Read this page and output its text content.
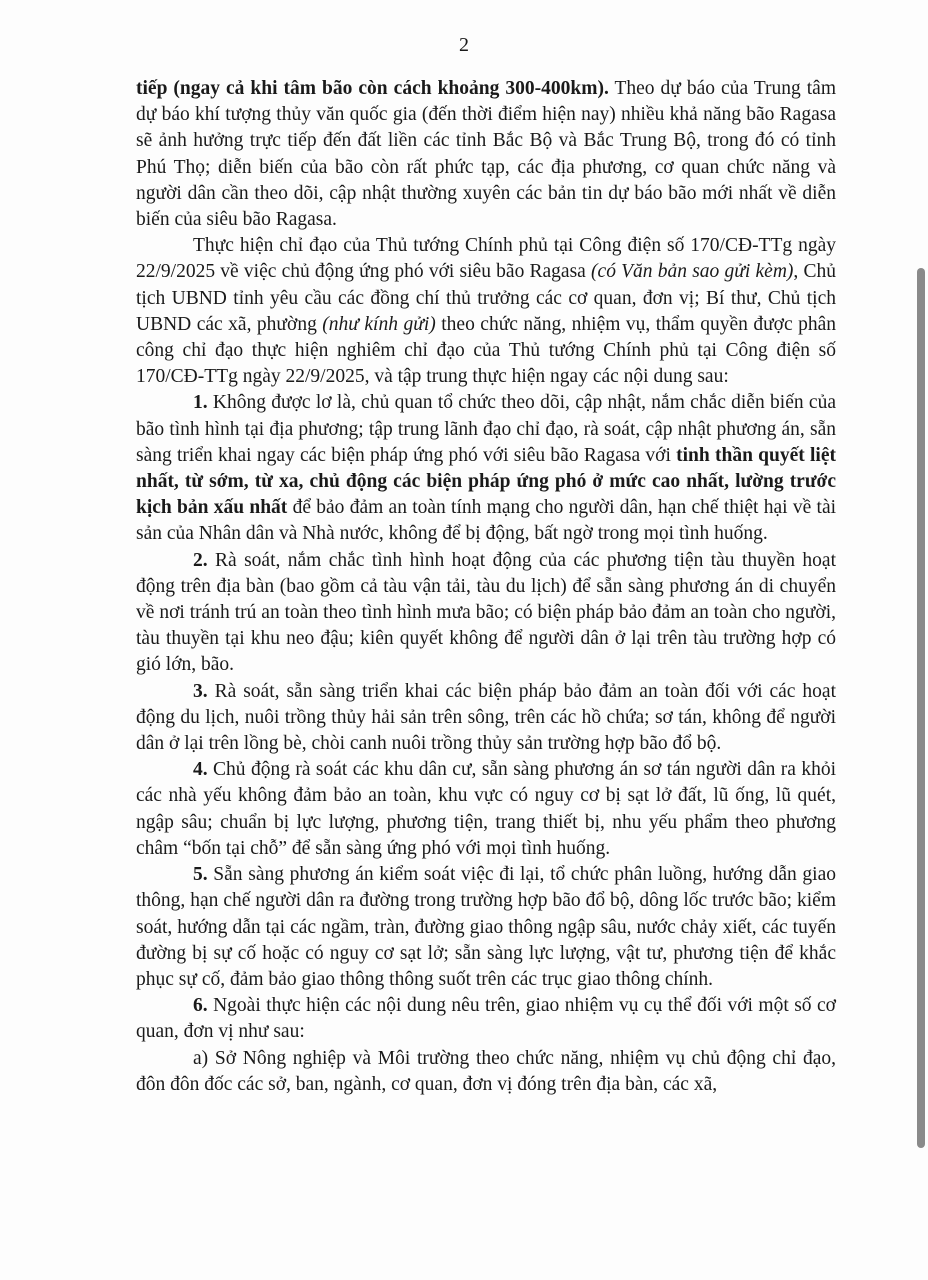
2

tiếp (ngay cả khi tâm bão còn cách khoảng 300-400km). Theo dự báo của Trung tâm dự báo khí tượng thủy văn quốc gia (đến thời điểm hiện nay) nhiều khả năng bão Ragasa sẽ ảnh hưởng trực tiếp đến đất liền các tỉnh Bắc Bộ và Bắc Trung Bộ, trong đó có tỉnh Phú Thọ; diễn biến của bão còn rất phức tạp, các địa phương, cơ quan chức năng và người dân cần theo dõi, cập nhật thường xuyên các bản tin dự báo bão mới nhất về diễn biến của siêu bão Ragasa.

Thực hiện chỉ đạo của Thủ tướng Chính phủ tại Công điện số 170/CĐ-TTg ngày 22/9/2025 về việc chủ động ứng phó với siêu bão Ragasa (có Văn bản sao gửi kèm), Chủ tịch UBND tỉnh yêu cầu các đồng chí thủ trưởng các cơ quan, đơn vị; Bí thư, Chủ tịch UBND các xã, phường (như kính gửi) theo chức năng, nhiệm vụ, thẩm quyền được phân công chỉ đạo thực hiện nghiêm chỉ đạo của Thủ tướng Chính phủ tại Công điện số 170/CĐ-TTg ngày 22/9/2025, và tập trung thực hiện ngay các nội dung sau:

1. Không được lơ là, chủ quan tổ chức theo dõi, cập nhật, nắm chắc diễn biến của bão tình hình tại địa phương; tập trung lãnh đạo chỉ đạo, rà soát, cập nhật phương án, sẵn sàng triển khai ngay các biện pháp ứng phó với siêu bão Ragasa với tinh thần quyết liệt nhất, từ sớm, từ xa, chủ động các biện pháp ứng phó ở mức cao nhất, lường trước kịch bản xấu nhất để bảo đảm an toàn tính mạng cho người dân, hạn chế thiệt hại về tài sản của Nhân dân và Nhà nước, không để bị động, bất ngờ trong mọi tình huống.

2. Rà soát, nắm chắc tình hình hoạt động của các phương tiện tàu thuyền hoạt động trên địa bàn (bao gồm cả tàu vận tải, tàu du lịch) để sẵn sàng phương án di chuyển về nơi tránh trú an toàn theo tình hình mưa bão; có biện pháp bảo đảm an toàn cho người, tàu thuyền tại khu neo đậu; kiên quyết không để người dân ở lại trên tàu trường hợp có gió lớn, bão.

3. Rà soát, sẵn sàng triển khai các biện pháp bảo đảm an toàn đối với các hoạt động du lịch, nuôi trồng thủy hải sản trên sông, trên các hồ chứa; sơ tán, không để người dân ở lại trên lồng bè, chòi canh nuôi trồng thủy sản trường hợp bão đổ bộ.

4. Chủ động rà soát các khu dân cư, sẵn sàng phương án sơ tán người dân ra khỏi các nhà yếu không đảm bảo an toàn, khu vực có nguy cơ bị sạt lở đất, lũ ống, lũ quét, ngập sâu; chuẩn bị lực lượng, phương tiện, trang thiết bị, nhu yếu phẩm theo phương châm “bốn tại chỗ” để sẵn sàng ứng phó với mọi tình huống.

5. Sẵn sàng phương án kiểm soát việc đi lại, tổ chức phân luồng, hướng dẫn giao thông, hạn chế người dân ra đường trong trường hợp bão đổ bộ, dông lốc trước bão; kiểm soát, hướng dẫn tại các ngầm, tràn, đường giao thông ngập sâu, nước chảy xiết, các tuyến đường bị sự cố hoặc có nguy cơ sạt lở; sẵn sàng lực lượng, vật tư, phương tiện để khắc phục sự cố, đảm bảo giao thông thông suốt trên các trục giao thông chính.

6. Ngoài thực hiện các nội dung nêu trên, giao nhiệm vụ cụ thể đối với một số cơ quan, đơn vị như sau:

a) Sở Nông nghiệp và Môi trường theo chức năng, nhiệm vụ chủ động chỉ đạo, đôn đôn đốc các sở, ban, ngành, cơ quan, đơn vị đóng trên địa bàn, các xã,
